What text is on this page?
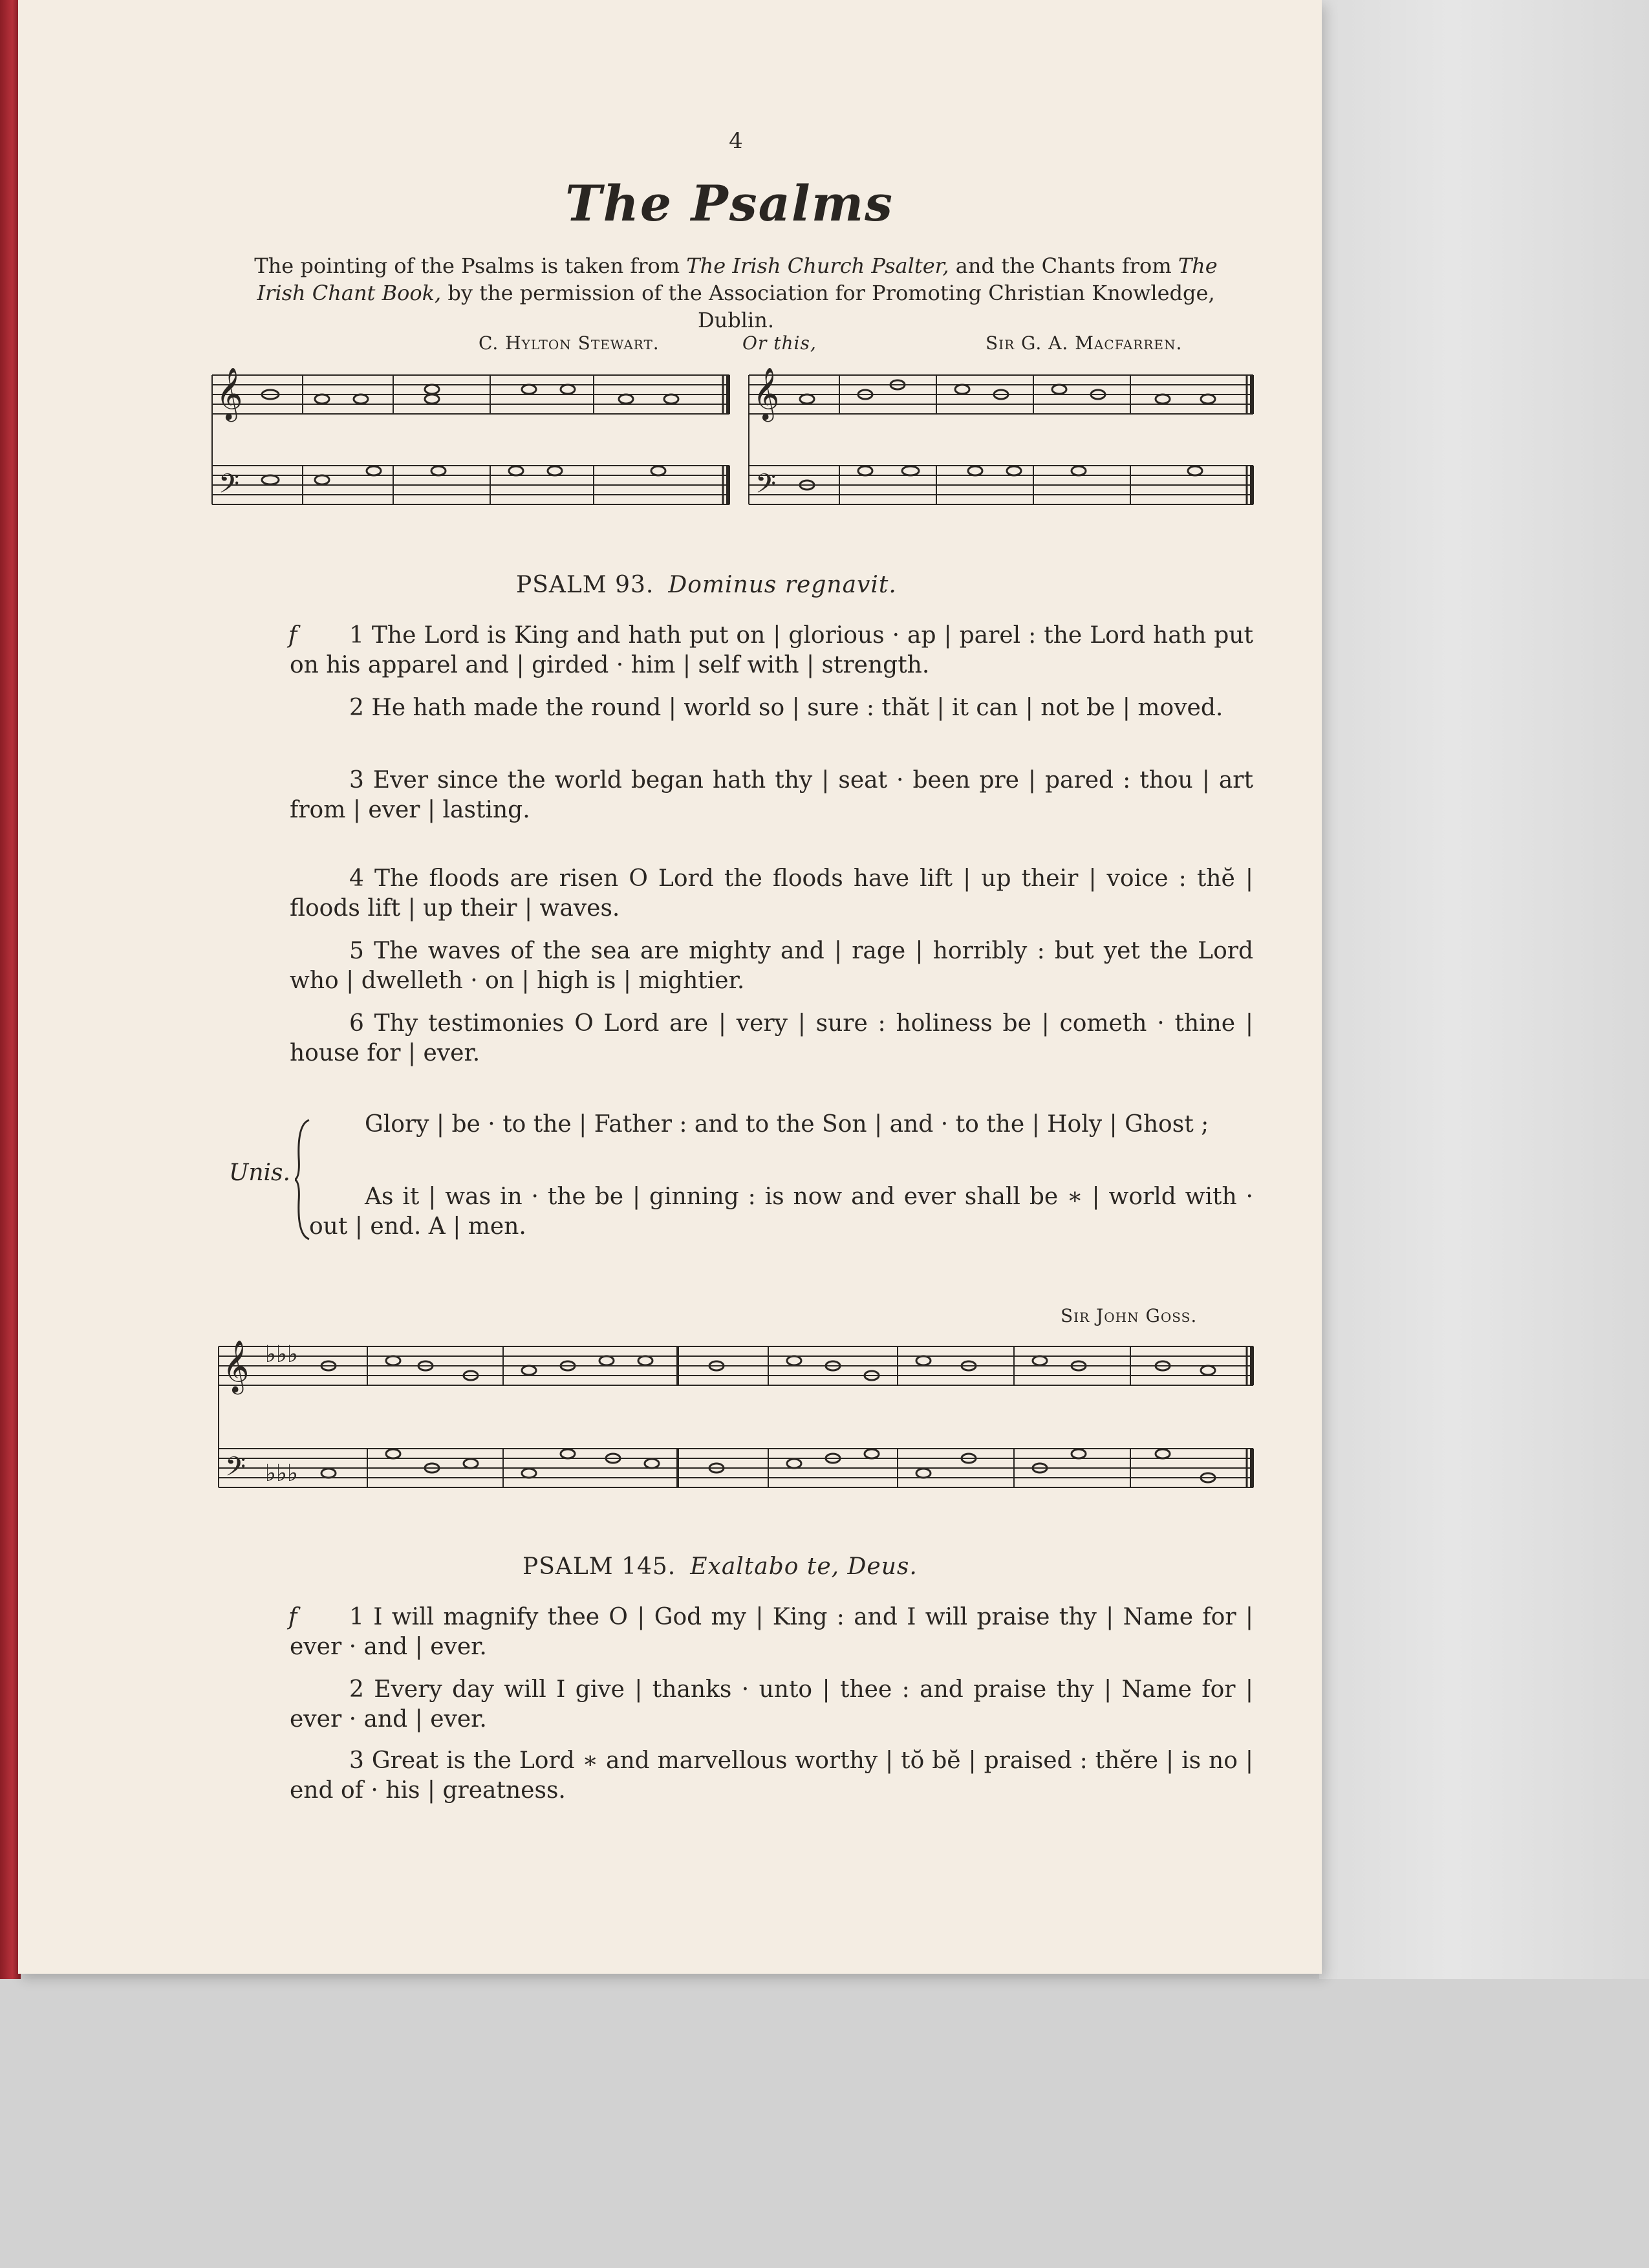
4
The Psalms
The pointing of the Psalms is taken from The Irish Church Psalter, and the Chants from The Irish Chant Book, by the permission of the Association for Promoting Christian Knowledge, Dublin.
C. Hylton Stewart.	Or this,	Sir G. A. Macfarren.
𝄞
𝄢
𝄞
𝄢
PSALM 93. Dominus regnavit.
f	1 The Lord is King and hath put on | glorious · ap | parel : the Lord hath put on his apparel and | girded · him | self with | strength.
2 He hath made the round | world so | sure : thăt | it can | not be | moved.
3 Ever since the world began hath thy | seat · been pre | pared : thou | art from | ever | lasting.
4 The floods are risen O Lord the floods have lift | up their | voice : thĕ | floods lift | up their | waves.
5 The waves of the sea are mighty and | rage | horribly : but yet the Lord who | dwelleth · on | high is | mightier.
6 Thy testimonies O Lord are | very | sure : holiness be | cometh · thine | house for | ever.
Unis.
Glory | be · to the | Father : and to the Son | and · to the | Holy | Ghost ;
As it | was in · the be | ginning : is now and ever shall be ∗ | world with · out | end. A | men.
Sir John Goss.
𝄞 ♭♭♭
𝄢 ♭♭♭
PSALM 145. Exaltabo te, Deus.
f	1 I will magnify thee O | God my | King : and I will praise thy | Name for | ever · and | ever.
2 Every day will I give | thanks · unto | thee : and praise thy | Name for | ever · and | ever.
3 Great is the Lord ∗ and marvellous worthy | tŏ bĕ | praised : thĕre | is no | end of · his | greatness.
